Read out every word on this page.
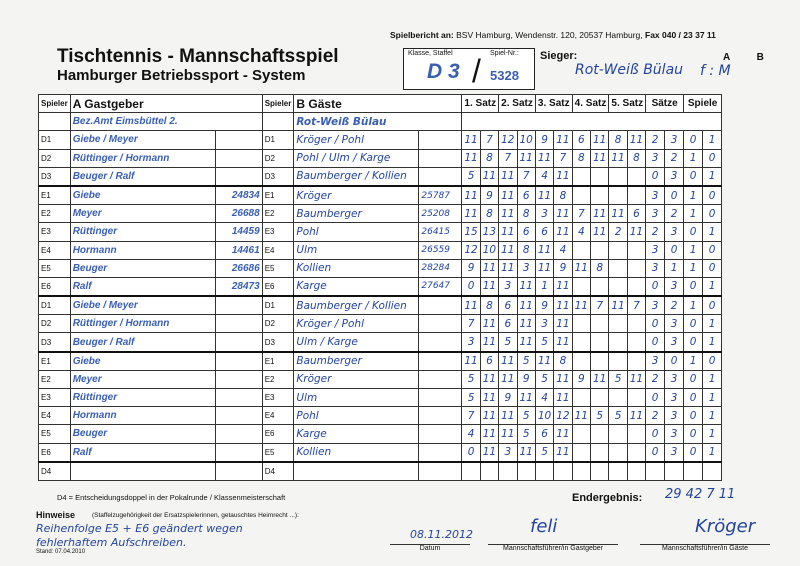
Spielbericht an: BSV Hamburg, Wendenstr. 120, 20537 Hamburg, Fax 040 / 23 37 11
Tischtennis - Mannschaftsspiel
Hamburger Betriebssport - System
Klasse, Staffel	Spiel-Nr.:
D 3 / 5328
Sieger:
Rot-Weiß Bülau
A B
f : M
Spieler	A Gastgeber		Spieler	B Gäste		1. Satz		2. Satz		3. Satz		4. Satz		5. Satz		Sätze		Spiele	
	Bez.Amt Eimsbüttel 2.			Rot-Weiß Bülau															
D1	Giebe / Meyer		D1	Kröger / Pohl		11	7	12	10	9	11	6	11	8	11	2	3	0	1
D2	Rüttinger / Hormann		D2	Pohl / Ulm / Karge		11	8	7	11	11	7	8	11	11	8	3	2	1	0
D3	Beuger / Ralf		D3	Baumberger / Kollien		5	11	11	7	4	11					0	3	0	1
E1	Giebe	24834	E1	Kröger	25787	11	9	11	6	11	8					3	0	1	0
E2	Meyer	26688	E2	Baumberger	25208	11	8	11	8	3	11	7	11	11	6	3	2	1	0
E3	Rüttinger	14459	E3	Pohl	26415	15	13	11	6	6	11	4	11	2	11	2	3	0	1
E4	Hormann	14461	E4	Ulm	26559	12	10	11	8	11	4					3	0	1	0
E5	Beuger	26686	E5	Kollien	28284	9	11	11	3	11	9	11	8			3	1	1	0
E6	Ralf	28473	E6	Karge	27647	0	11	3	11	1	11					0	3	0	1
D1	Giebe / Meyer		D1	Baumberger / Kollien		11	8	6	11	9	11	11	7	11	7	3	2	1	0
D2	Rüttinger / Hormann		D2	Kröger / Pohl		7	11	6	11	3	11					0	3	0	1
D3	Beuger / Ralf		D3	Ulm / Karge		3	11	5	11	5	11					0	3	0	1
E1	Giebe		E1	Baumberger		11	6	11	5	11	8					3	0	1	0
E2	Meyer		E2	Kröger		5	11	11	9	5	11	9	11	5	11	2	3	0	1
E3	Rüttinger		E3	Ulm		5	11	9	11	4	11					0	3	0	1
E4	Hormann		E4	Pohl		7	11	11	5	10	12	11	5	5	11	2	3	0	1
E5	Beuger		E6	Karge		4	11	11	5	6	11					0	3	0	1
E6	Ralf		E5	Kollien		0	11	3	11	5	11					0	3	0	1
D4			D4																
D4 = Entscheidungsdoppel in der Pokalrunde / Klassenmeisterschaft	Endergebnis: 29 42 7 11
Hinweise	(Staffelzugehörigkeit der Ersatzspielerinnen, getauschtes Heimrecht ...):
Reihenfolge E5 + E6 geändert wegen fehlerhaftem Aufschreiben.
Stand: 07.04.2010
08.11.2012
Datum
feli
Mannschaftsführer/in Gastgeber
Kröger
Mannschaftsführer/in Gäste
